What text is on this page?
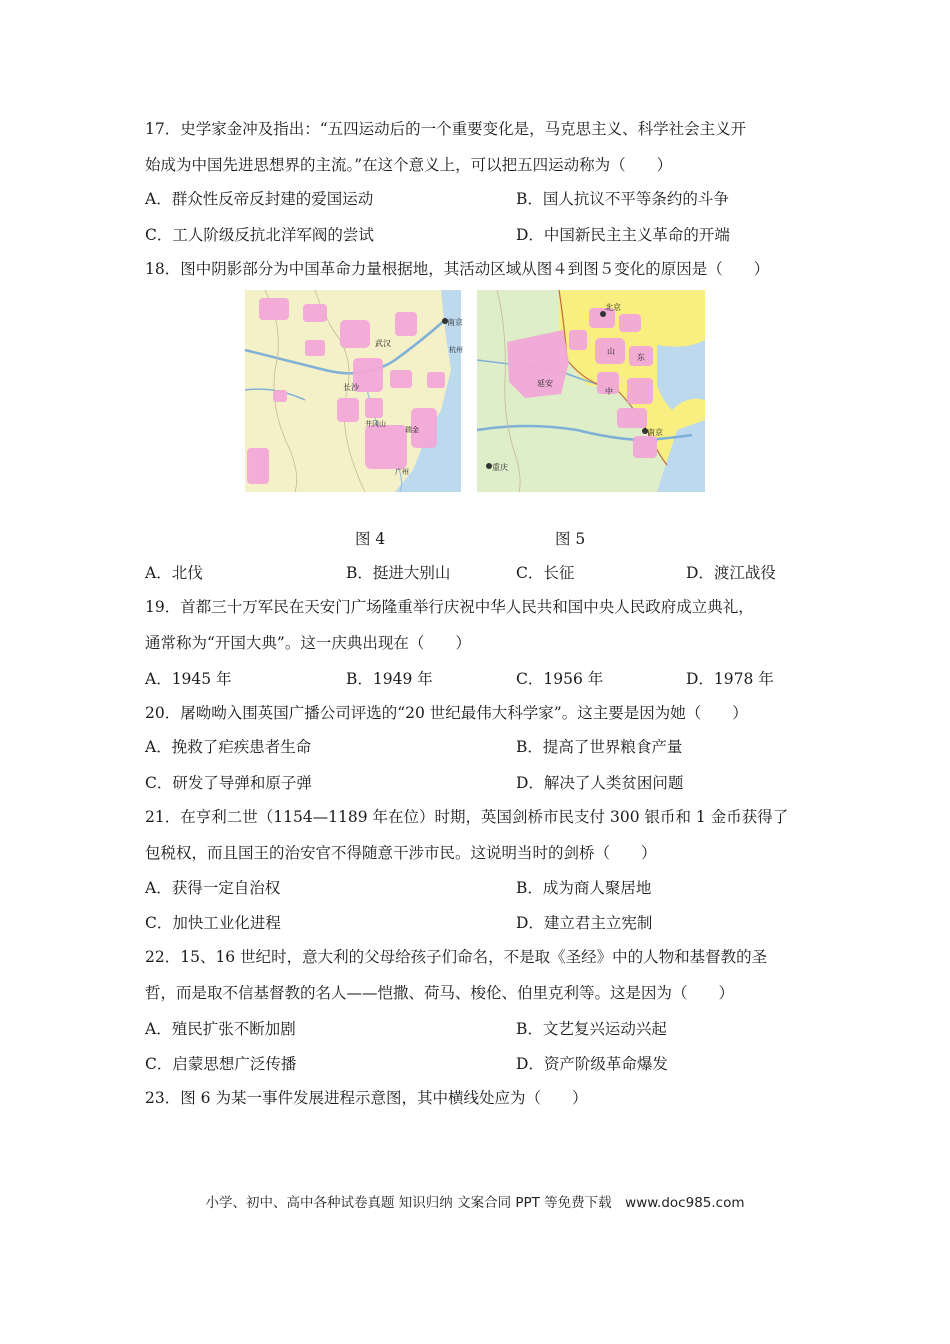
17．史学家金冲及指出：“五四运动后的一个重要变化是，马克思主义、科学社会主义开
始成为中国先进思想界的主流。”在这个意义上，可以把五四运动称为（　　）
A．群众性反帝反封建的爱国运动	B．国人抗议不平等条约的斗争
C．工人阶级反抗北洋军阀的尝试	D．中国新民主主义革命的开端
18．图中阴影部分为中国革命力量根据地，其活动区域从图４到图５变化的原因是（　　）
南京
武汉
长沙
井冈山
瑞金
广州
杭州
北京
延安
南京
重庆
中
山
东
图 4	图 5
A．北伐	B．挺进大别山	C．长征	D．渡江战役
19．首都三十万军民在天安门广场隆重举行庆祝中华人民共和国中央人民政府成立典礼，
通常称为“开国大典”。这一庆典出现在（　　）
A．1945 年	B．1949 年	C．1956 年	D．1978 年
20．屠呦呦入围英国广播公司评选的“20 世纪最伟大科学家”。这主要是因为她（　　）
A．挽救了疟疾患者生命	B．提高了世界粮食产量
C．研发了导弹和原子弹	D．解决了人类贫困问题
21．在亨利二世（1154—1189 年在位）时期，英国剑桥市民支付 300 银币和 1 金币获得了
包税权，而且国王的治安官不得随意干涉市民。这说明当时的剑桥（　　）
A．获得一定自治权	B．成为商人聚居地
C．加快工业化进程	D．建立君主立宪制
22．15、16 世纪时，意大利的父母给孩子们命名，不是取《圣经》中的人物和基督教的圣
哲，而是取不信基督教的名人——恺撒、荷马、梭伦、伯里克利等。这是因为（　　）
A．殖民扩张不断加剧	B．文艺复兴运动兴起
C．启蒙思想广泛传播	D．资产阶级革命爆发
23．图 6 为某一事件发展进程示意图，其中横线处应为（　　）
小学、初中、高中各种试卷真题 知识归纳 文案合同 PPT 等免费下载　www.doc985.com
